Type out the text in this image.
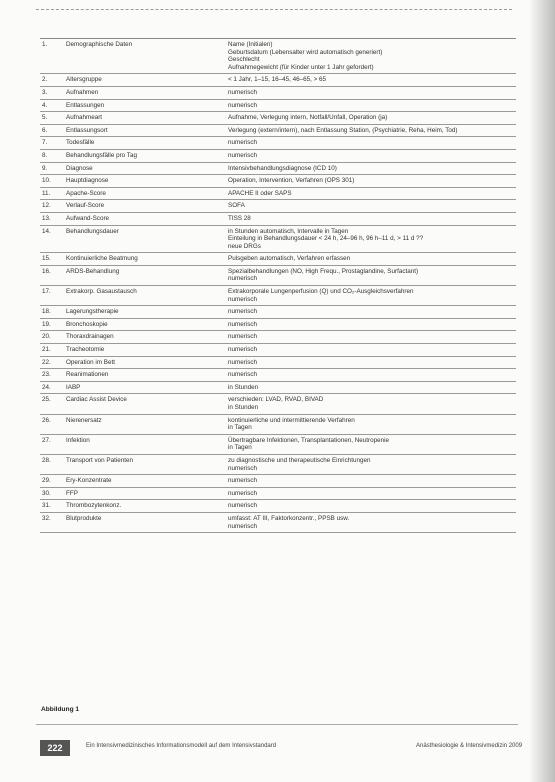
1.	Demographische Daten	Name (Initialen)
Geburtsdatum (Lebensalter wird automatisch generiert)
Geschlecht
Aufnahmegewicht (für Kinder unter 1 Jahr gefordert)
2.	Altersgruppe	< 1 Jahr, 1–15, 16–45, 46–65, > 65
3.	Aufnahmen	numerisch
4.	Entlassungen	numerisch
5.	Aufnahmeart	Aufnahme, Verlegung intern, Notfall/Unfall, Operation (ja)
6.	Entlassungsort	Verlegung (extern/intern), nach Entlassung Station, (Psychiatrie, Reha, Heim, Tod)
7.	Todesfälle	numerisch
8.	Behandlungsfälle pro Tag	numerisch
9.	Diagnose	Intensivbehandlungsdiagnose (ICD 10)
10.	Hauptdiagnose	Operation, Intervention, Verfahren (OPS 301)
11.	Apache-Score	APACHE II oder SAPS
12.	Verlauf-Score	SOFA
13.	Aufwand-Score	TISS 28
14.	Behandlungsdauer	in Stunden automatisch, Intervalle in Tagen
Einteilung in Behandlungsdauer < 24 h, 24–96 h, 96 h–11 d, > 11 d ??
neue DRGs
15.	Kontinuierliche Beatmung	Pulsgeben automatisch, Verfahren erfassen
16.	ARDS-Behandlung	Spezialbehandlungen (NO, High Frequ., Prostaglandine, Surfactant)
numerisch
17.	Extrakorp. Gasaustausch	Extrakorporale Lungenperfusion (Q) und CO₂-Ausgleichsverfahren
numerisch
18.	Lagerungstherapie	numerisch
19.	Bronchoskopie	numerisch
20.	Thoraxdrainagen	numerisch
21.	Tracheotomie	numerisch
22.	Operation im Bett	numerisch
23.	Reanimationen	numerisch
24.	IABP	in Stunden
25.	Cardiac Assist Device	verschieden: LVAD, RVAD, BIVAD
in Stunden
26.	Nierenersatz	kontinuierliche und intermittierende Verfahren
in Tagen
27.	Infektion	Übertragbare Infektionen, Transplantationen, Neutropenie
in Tagen
28.	Transport von Patienten	zu diagnostische und therapeutische Einrichtungen
numerisch
29.	Ery-Konzentrate	numerisch
30.	FFP	numerisch
31.	Thrombozytenkonz.	numerisch
32.	Blutprodukte	umfasst: AT III, Faktorkonzentr., PPSB usw.
numerisch
Abbildung 1
222	Ein Intensivmedizinisches Informationsmodell auf dem Intensivstandard	Anästhesiologie & Intensivmedizin 2009
